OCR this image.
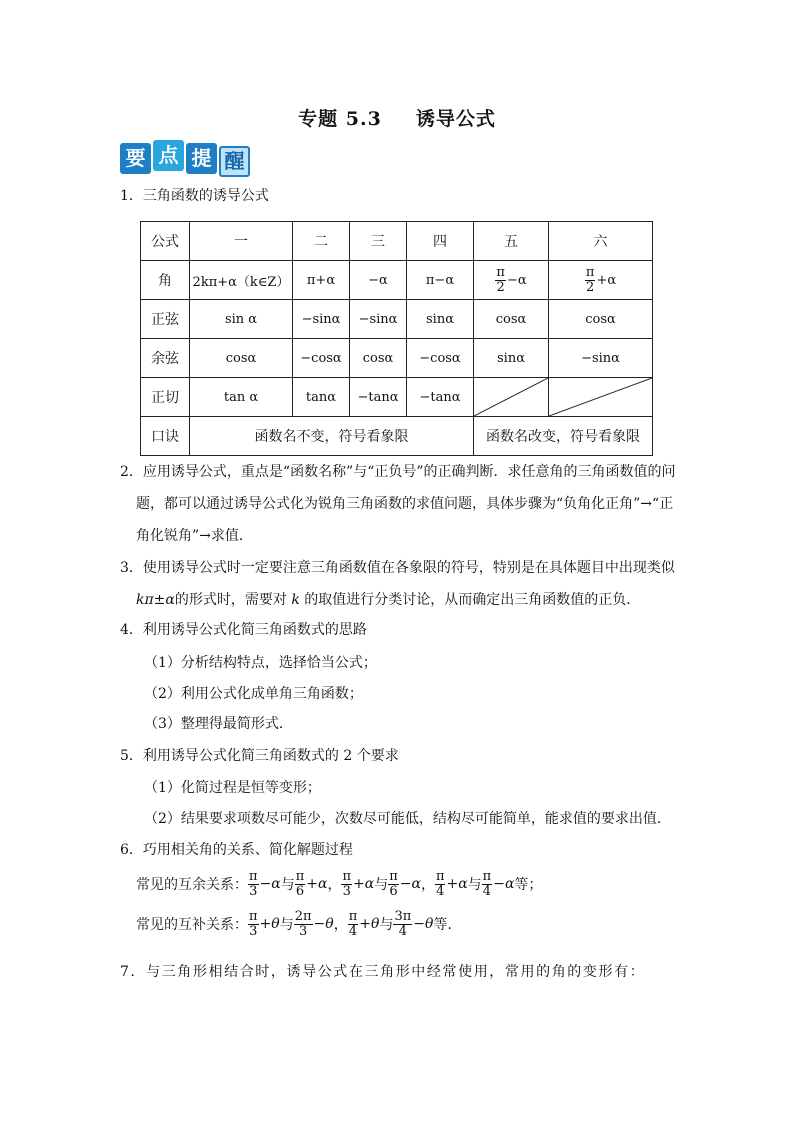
专题 5.3 诱导公式
要 点 提 醒
1．三角函数的诱导公式
公式	一	二	三	四	五	六
角	2kπ+α（k∈Z）	π+α	−α	π−α	$\frac{\pi}{2} -\alpha$	$\frac{\pi}{2} +\alpha$
正弦	sin α	−sinα	−sinα	sinα	cosα	cosα
余弦	cosα	−cosα	cosα	−cosα	sinα	−sinα
正切	tan α	tanα	−tanα	−tanα	

口诀	函数名不变，符号看象限				函数名改变，符号看象限	
2．应用诱导公式，重点是“函数名称”与“正负号”的正确判断．求任意角的三角函数值的问
题，都可以通过诱导公式化为锐角三角函数的求值问题，具体步骤为“负角化正角”→“正
角化锐角”→求值．
3．使用诱导公式时一定要注意三角函数值在各象限的符号，特别是在具体题目中出现类似
kπ±α的形式时，需要对 k 的取值进行分类讨论，从而确定出三角函数值的正负．
4．利用诱导公式化简三角函数式的思路
（1）分析结构特点，选择恰当公式；
（2）利用公式化成单角三角函数；
（3）整理得最简形式．
5．利用诱导公式化简三角函数式的 2 个要求
（1）化简过程是恒等变形；
（2）结果要求项数尽可能少，次数尽可能低，结构尽可能简单，能求值的要求出值．
6．巧用相关角的关系、简化解题过程
常见的互余关系： $\frac{\pi}{3} -\alpha$ 与 $\frac{\pi}{6} +\alpha$ ， $\frac{\pi}{3} +\alpha$ 与 $\frac{\pi}{6} -\alpha$ ， $\frac{\pi}{4} +\alpha$ 与 $\frac{\pi}{4} -\alpha$ 等；
常见的互补关系： $\frac{\pi}{3} +\theta$ 与 $\frac{2\pi}{3} -\theta$ ， $\frac{\pi}{4} +\theta$ 与 $\frac{3\pi}{4} -\theta$ 等.
7．与三角形相结合时，诱导公式在三角形中经常使用，常用的角的变形有：
